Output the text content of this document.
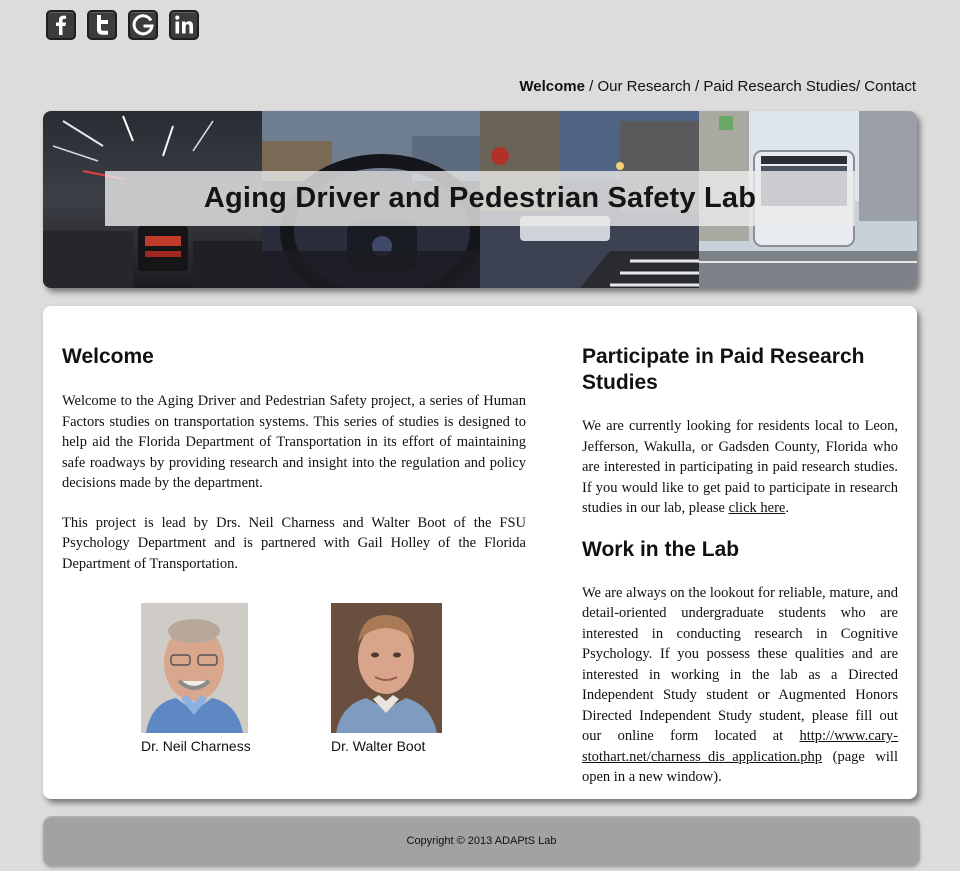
Welcome / Our Research / Paid Research Studies/ Contact
Aging Driver and Pedestrian Safety Lab
Welcome

Welcome to the Aging Driver and Pedestrian Safety project, a series of Human Factors studies on transportation systems. This series of studies is designed to help aid the Florida Department of Transportation in its effort of maintaining safe roadways by providing research and insight into the regulation and policy decisions made by the department.

This project is lead by Drs. Neil Charness and Walter Boot of the FSU Psychology Department and is partnered with Gail Holley of the Florida Department of Transportation.

Dr. Neil Charness	Dr. Walter Boot
Participate in Paid Research Studies

We are currently looking for residents local to Leon, Jefferson, Wakulla, or Gadsden County, Florida who are interested in participating in paid research studies. If you would like to get paid to participate in research studies in our lab, please click here.

Work in the Lab

We are always on the lookout for reliable, mature, and detail-oriented undergraduate students who are interested in conducting research in Cognitive Psychology. If you possess these qualities and are interested in working in the lab as a Directed Independent Study student or Augmented Honors Directed Independent Study student, please fill out our online form located at http://www.cary-stothart.net/charness_dis_application.php (page will open in a new window).

Copyright © 2013 ADAPtS Lab
